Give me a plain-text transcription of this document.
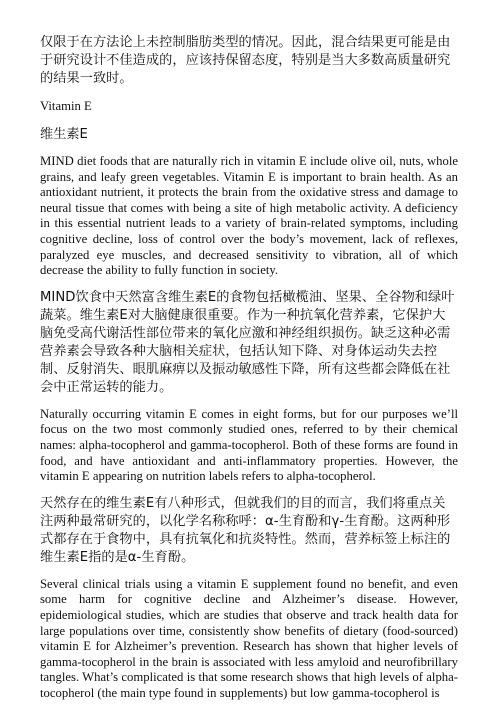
仅限于在方法论上未控制脂肪类型的情况。因此，混合结果更可能是由于研究设计不佳造成的，应该持保留态度，特别是当大多数高质量研究的结果一致时。

Vitamin E

维生素E

MIND diet foods that are naturally rich in vitamin E include olive oil, nuts, whole grains, and leafy green vegetables. Vitamin E is important to brain health. As an antioxidant nutrient, it protects the brain from the oxidative stress and damage to neural tissue that comes with being a site of high metabolic activity. A deficiency in this essential nutrient leads to a variety of brain-related symptoms, including cognitive decline, loss of control over the body’s movement, lack of reflexes, paralyzed eye muscles, and decreased sensitivity to vibration, all of which decrease the ability to fully function in society.

MIND饮食中天然富含维生素E的食物包括橄榄油、坚果、全谷物和绿叶蔬菜。维生素E对大脑健康很重要。作为一种抗氧化营养素，它保护大脑免受高代谢活性部位带来的氧化应激和神经组织损伤。缺乏这种必需营养素会导致各种大脑相关症状，包括认知下降、对身体运动失去控制、反射消失、眼肌麻痹以及振动敏感性下降，所有这些都会降低在社会中正常运转的能力。

Naturally occurring vitamin E comes in eight forms, but for our purposes we’ll focus on the two most commonly studied ones, referred to by their chemical names: alpha-tocopherol and gamma-tocopherol. Both of these forms are found in food, and have antioxidant and anti-inflammatory properties. However, the vitamin E appearing on nutrition labels refers to alpha-tocopherol.

天然存在的维生素E有八种形式，但就我们的目的而言，我们将重点关注两种最常研究的，以化学名称称呼：α-生育酚和γ-生育酚。这两种形式都存在于食物中，具有抗氧化和抗炎特性。然而，营养标签上标注的维生素E指的是α-生育酚。

Several clinical trials using a vitamin E supplement found no benefit, and even some harm for cognitive decline and Alzheimer’s disease. However, epidemiological studies, which are studies that observe and track health data for large populations over time, consistently show benefits of dietary (food-sourced) vitamin E for Alzheimer’s prevention. Research has shown that higher levels of gamma-tocopherol in the brain is associated with less amyloid and neurofibrillary tangles. What’s complicated is that some research shows that high levels of alpha-tocopherol (the main type found in supplements) but low gamma-tocopherol is
